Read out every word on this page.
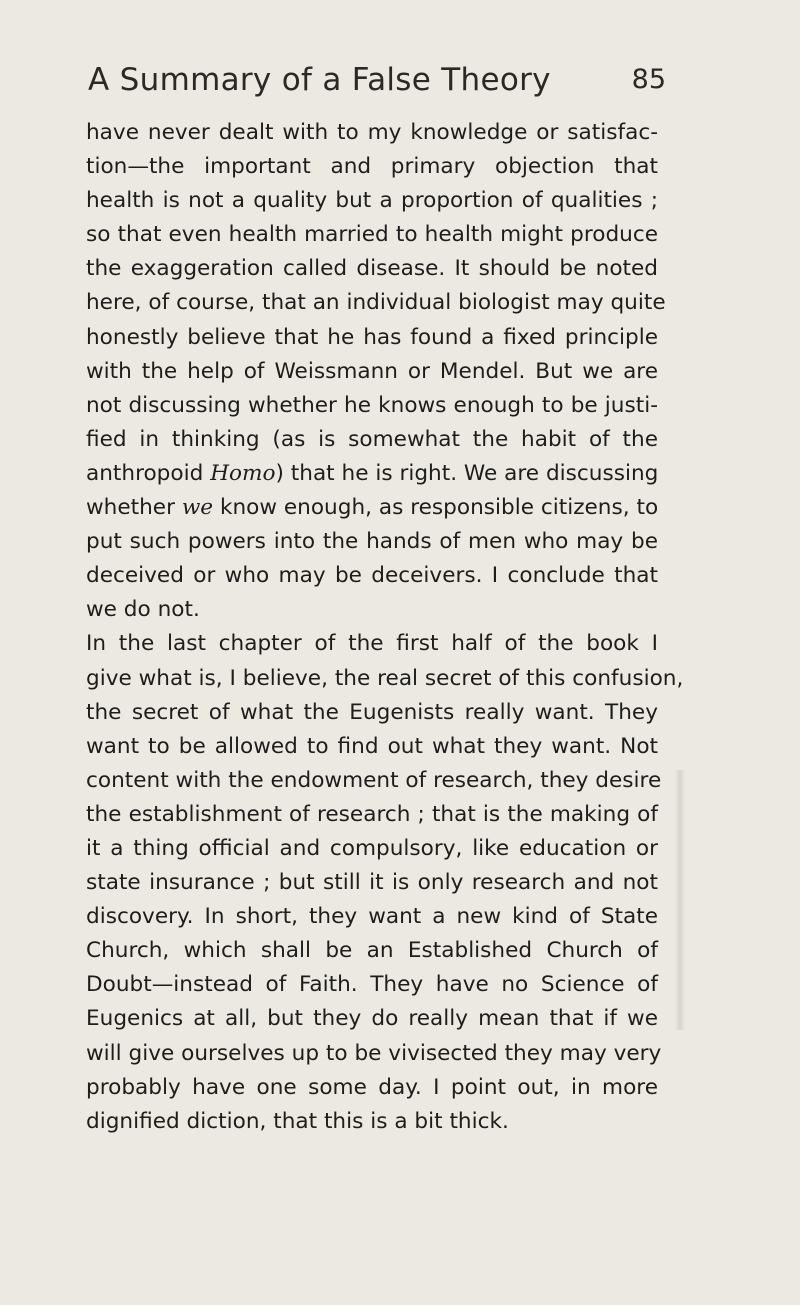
A Summary of a False Theory	85
have never dealt with to my knowledge or satisfac-
tion—the important and primary objection that
health is not a quality but a proportion of qualities ;
so that even health married to health might produce
the exaggeration called disease. It should be noted
here, of course, that an individual biologist may quite
honestly believe that he has found a fixed principle
with the help of Weissmann or Mendel. But we are
not discussing whether he knows enough to be justi-
fied in thinking (as is somewhat the habit of the
anthropoid Homo) that he is right. We are discussing
whether we know enough, as responsible citizens, to
put such powers into the hands of men who may be
deceived or who may be deceivers. I conclude that
we do not.
In the last chapter of the first half of the book I
give what is, I believe, the real secret of this confusion,
the secret of what the Eugenists really want. They
want to be allowed to find out what they want. Not
content with the endowment of research, they desire
the establishment of research ; that is the making of
it a thing official and compulsory, like education or
state insurance ; but still it is only research and not
discovery. In short, they want a new kind of State
Church, which shall be an Established Church of
Doubt—instead of Faith. They have no Science of
Eugenics at all, but they do really mean that if we
will give ourselves up to be vivisected they may very
probably have one some day. I point out, in more
dignified diction, that this is a bit thick.
